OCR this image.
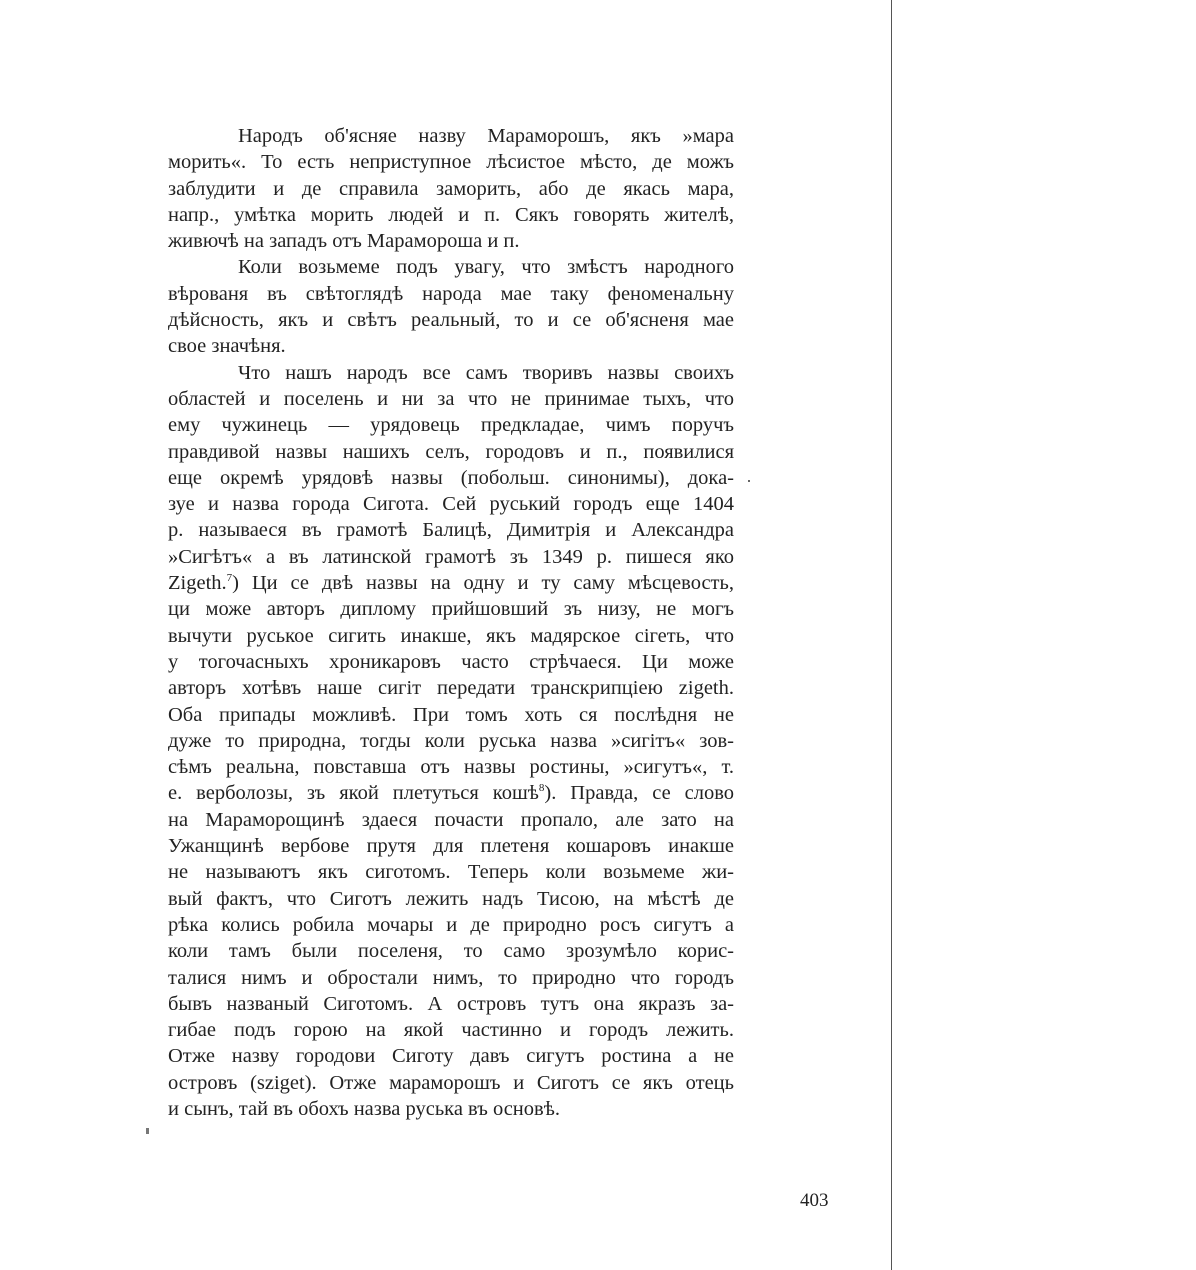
Народъ об'ясняе назву Мараморошъ, якъ »мара
морить«. То есть неприступное лѣсистое мѣсто, де можъ
заблудити и де справила заморить, або де якась мара,
напр., умѣтка морить людей и п. Сякъ говорять жителѣ,
живючѣ на западъ отъ Мараморошa и п.
Коли возьмеме подъ увагу, что змѣстъ народного
вѣрованя въ свѣтоглядѣ народа мае таку феноменальну
дѣйсность, якъ и свѣтъ реальный, то и се об'ясненя мае
свое значѣня.
Что нашъ народъ все самъ творивъ назвы своихъ
областей и поселень и ни за что не принимае тыхъ, что
ему чужинець — урядовець предкладае, чимъ поручъ
правдивой назвы нашихъ селъ, городовъ и п., появилися
еще окремѣ урядовѣ назвы (побольш. синонимы), дока-
зуе и назва города Сигота. Сей руський городъ еще 1404
р. называеся въ грамотѣ Балицѣ, Димитрія и Александра
»Сигѣтъ« а въ латинской грамотѣ зъ 1349 р. пишеся яко
Zigeth.$^7$) Ци се двѣ назвы на одну и ту саму мѣсцевость,
ци може авторъ диплому прийшовший зъ низу, не могъ
вычути руськое сигить инакше, якъ мадярское сігеть, что
у тогочасныхъ хроникаровъ часто стрѣчаеся. Ци може
авторъ хотѣвъ наше сигіт передати транскрипціею zigeth.
Оба припады можливѣ. При томъ хоть ся послѣдня не
дуже то природна, тогды коли руська назва »сигітъ« зов-
сѣмъ реальна, повставша отъ назвы ростины, »сигутъ«, т.
е. верболозы, зъ якой плетуться кошѣ$^8$). Правда, се слово
на Мараморощинѣ здаеся почасти пропало, але зато на
Ужанщинѣ вербове прутя для плетеня кошаровъ инакше
не называютъ якъ сиготомъ. Теперь коли возьмеме жи-
вый фактъ, что Сиготъ лежить надъ Тисою, на мѣстѣ де
рѣка колись робила мочары и де природно росъ сигутъ а
коли тамъ были поселеня, то само зрозумѣло корис-
талися нимъ и обростали нимъ, то природно что городъ
бывъ названый Сиготомъ. А островъ тутъ она якразъ за-
гибае подъ горою на якой частинно и городъ лежить.
Отже назву городови Сиготу давъ сигутъ ростина а не
островъ (sziget). Отже мараморошъ и Сиготъ се якъ отець
и сынъ, тай въ обохъ назва руська въ основѣ.
403
